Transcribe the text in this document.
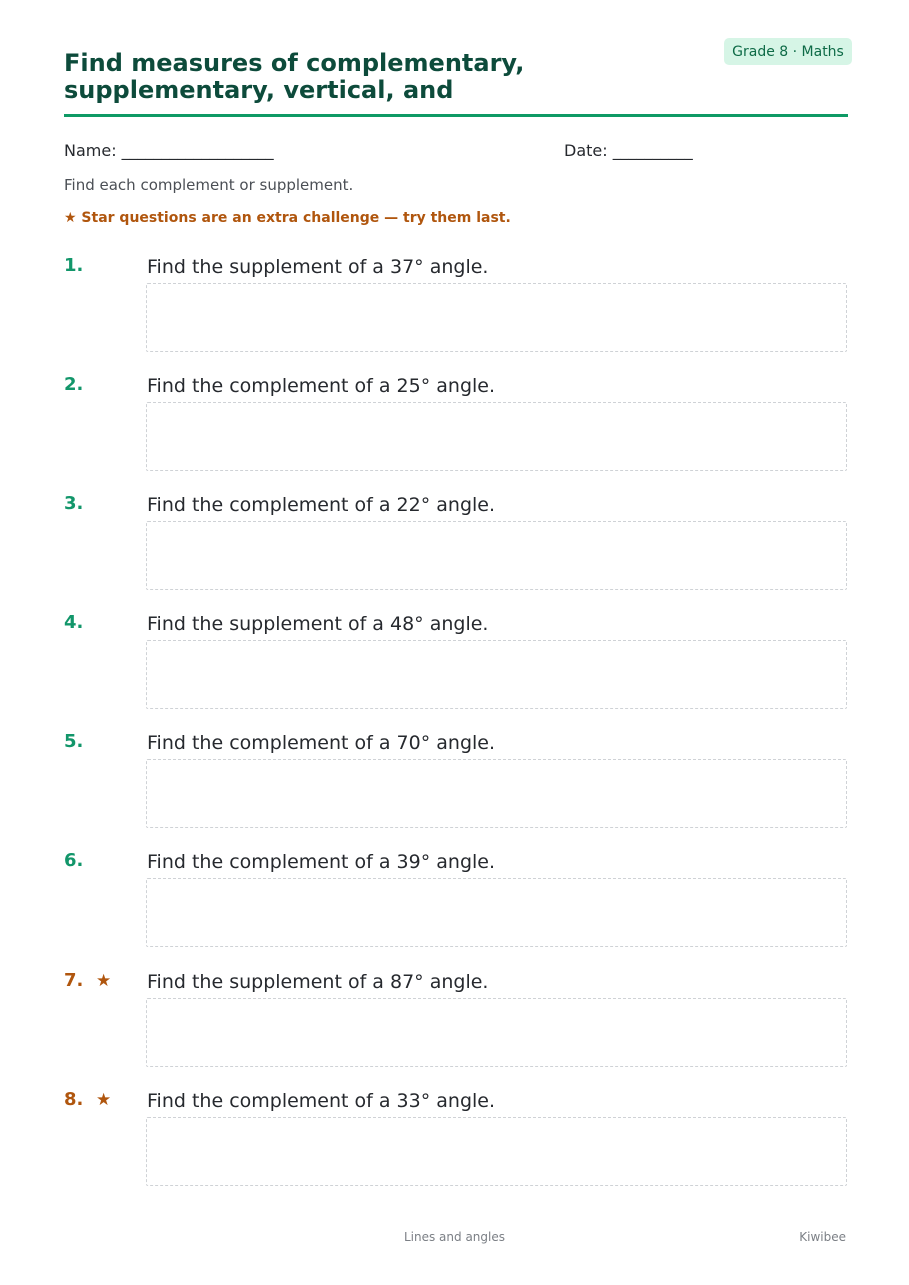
Grade 8 · Maths
Find measures of complementary, supplementary, vertical, and
Name: ___________________	Date: __________
Find each complement or supplement.
★ Star questions are an extra challenge — try them last.
1.	Find the supplement of a 37° angle.
2.	Find the complement of a 25° angle.
3.	Find the complement of a 22° angle.
4.	Find the supplement of a 48° angle.
5.	Find the complement of a 70° angle.
6.	Find the complement of a 39° angle.
7. ★ Find the supplement of a 87° angle.
8. ★ Find the complement of a 33° angle.
Lines and angles	Kiwibee
